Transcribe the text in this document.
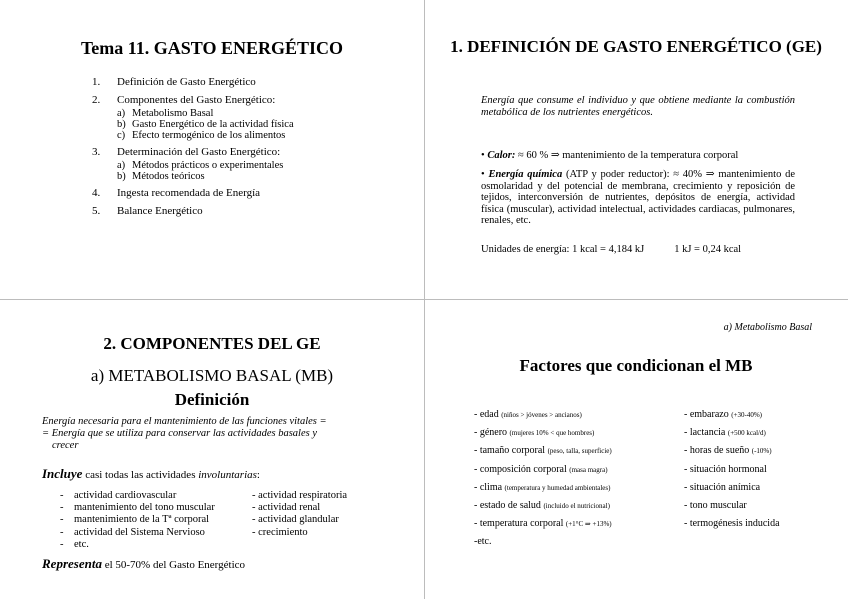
Tema 11. GASTO ENERGÉTICO
1. Definición de Gasto Energético
2. Componentes del Gasto Energético:
a) Metabolismo Basal
b) Gasto Energético de la actividad física
c) Efecto termogénico de los alimentos
3. Determinación del Gasto Energético:
a) Métodos prácticos o experimentales
b) Métodos teóricos
4. Ingesta recomendada de Energía
5. Balance Energético
1. DEFINICIÓN DE GASTO ENERGÉTICO (GE)
Energía que consume el individuo y que obtiene mediante la combustión metabólica de los nutrientes energéticos.
• Calor: ≈ 60 % ⇒ mantenimiento de la temperatura corporal
• Energía química (ATP y poder reductor): ≈ 40% ⇒ mantenimiento de osmolaridad y del potencial de membrana, crecimiento y reposición de tejidos, interconversión de nutrientes, depósitos de energía, actividad física (muscular), actividad intelectual, actividades cardiacas, pulmonares, renales, etc.
Unidades de energía: 1 kcal = 4,184 kJ	1 kJ = 0,24 kcal
2. COMPONENTES DEL GE
a) METABOLISMO BASAL (MB)
Definición
Energía necesaria para el mantenimiento de las funciones vitales =
= Energía que se utiliza para conservar las actividades basales y
crecer
Incluye casi todas las actividades involuntarias:
- actividad cardiovascular	- actividad respiratoria
- mantenimiento del tono muscular	- actividad renal
- mantenimiento de la Tª corporal	- actividad glandular
- actividad del Sistema Nervioso	- crecimiento
- etc.
Representa el 50-70% del Gasto Energético
a) Metabolismo Basal
Factores que condicionan el MB
- edad (niños > jóvenes > ancianos)
- género (mujeres 10% < que hombres)
- tamaño corporal (peso, talla, superficie)
- composición corporal (masa magra)
- clima (temperatura y humedad ambientales)
- estado de salud (incluido el nutricional)
- temperatura corporal (+1°C ⇒ +13%)
-etc.
- embarazo (+30-40%)
- lactancia (+500 kcal/d)
- horas de sueño (-10%)
- situación hormonal
- situación anímica
- tono muscular
- termogénesis inducida
